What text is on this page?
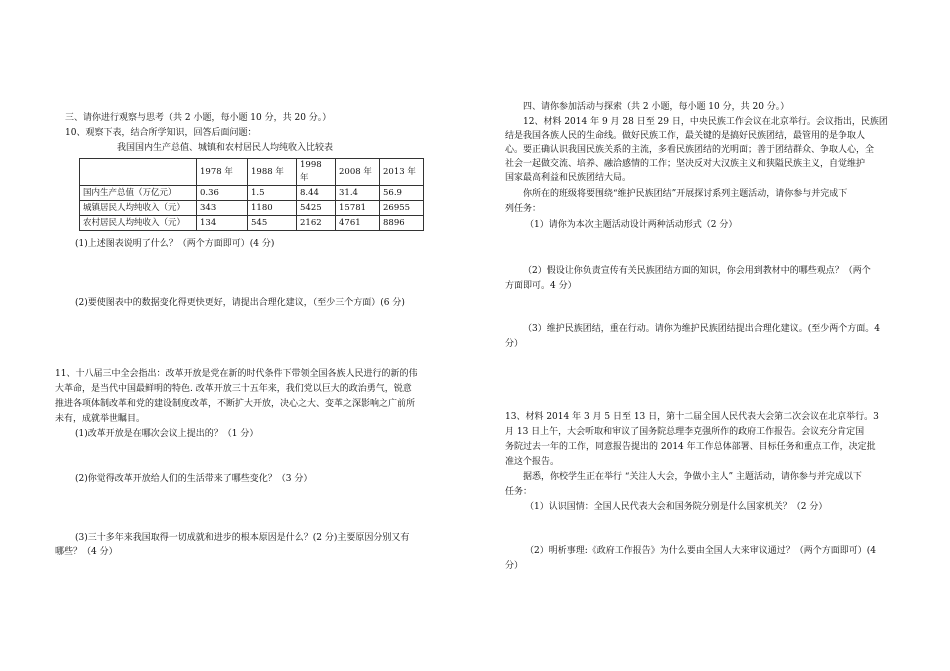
三、请你进行观察与思考（共 2 小题，每小题 10 分，共 20 分。）
10、观察下表，结合所学知识，回答后面问题：
我国国内生产总值、城镇和农村居民人均纯收入比较表
	1978 年	1988 年	1998 年	2008 年	2013 年
国内生产总值（万亿元）	0.36	1.5	8.44	31.4	56.9
城镇居民人均纯收入（元）	343	1180	5425	15781	26955
农村居民人均纯收入（元）	134	545	2162	4761	8896
(1)上述图表说明了什么？（两个方面即可）(4 分)
(2)要使图表中的数据变化得更快更好，请提出合理化建议，（至少三个方面）(6 分)
11、十八届三中全会指出：改革开放是党在新的时代条件下带领全国各族人民进行的新的伟
大革命，是当代中国最鲜明的特色. 改革开放三十五年来，我们党以巨大的政治勇气，锐意
推进各项体制改革和党的建设制度改革，不断扩大开放，决心之大、变革之深影响之广前所
未有，成就举世瞩目。
(1)改革开放是在哪次会议上提出的？（1 分）
(2)你觉得改革开放给人们的生活带来了哪些变化？（3 分）
(3)三十多年来我国取得一切成就和进步的根本原因是什么？(2 分)主要原因分别又有
哪些？（4 分）
四、请你参加活动与探索（共 2 小题，每小题 10 分，共 20 分。）
12、材料 2014 年 9 月 28 日至 29 日，中央民族工作会议在北京举行。会议指出，民族团
结是我国各族人民的生命线。做好民族工作，最关键的是搞好民族团结，最管用的是争取人
心。要正确认识我国民族关系的主流，多看民族团结的光明面；善于团结群众、争取人心，全
社会一起做交流、培养、融洽感情的工作；坚决反对大汉族主义和狭隘民族主义，自觉维护
国家最高利益和民族团结大局。
你所在的班级将要围绕“维护民族团结”开展探讨系列主题活动，请你参与并完成下
列任务：
（1）请你为本次主题活动设计两种活动形式（2 分）
（2）假设让你负责宣传有关民族团结方面的知识，你会用到教材中的哪些观点？（两个
方面即可。4 分）
（3）维护民族团结，重在行动。请你为维护民族团结提出合理化建议。(至少两个方面。4
分）
13、材料 2014 年 3 月 5 日至 13 日，第十二届全国人民代表大会第二次会议在北京举行。3
月 13 日上午，大会听取和审议了国务院总理李克强所作的政府工作报告。会议充分肯定国
务院过去一年的工作，同意报告提出的 2014 年工作总体部署、目标任务和重点工作，决定批
准这个报告。
据悉，你校学生正在举行 “关注人大会，争做小主人” 主题活动，请你参与并完成以下
任务：
（1）认识国情：全国人民代表大会和国务院分别是什么国家机关？（2 分）
（2）明析事理:《政府工作报告》为什么要由全国人大来审议通过？（两个方面即可）(4
分）
